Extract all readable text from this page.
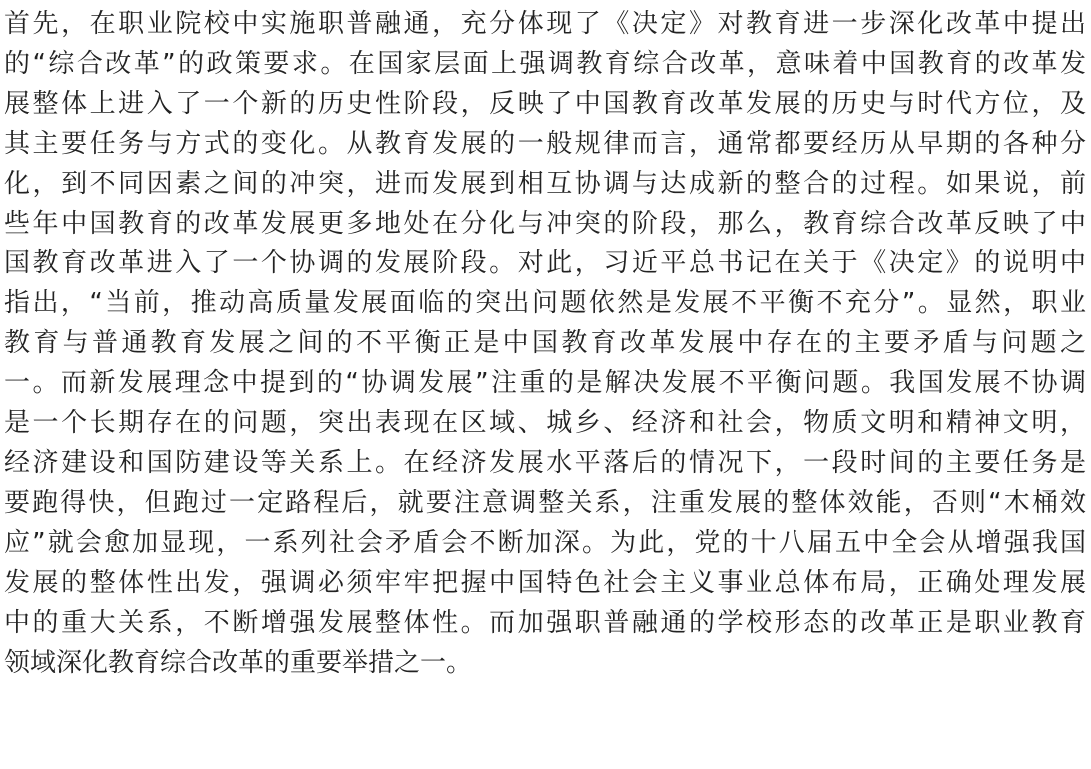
首先，在职业院校中实施职普融通，充分体现了《决定》对教育进一步深化改革中提出
的“综合改革”的政策要求。在国家层面上强调教育综合改革，意味着中国教育的改革发
展整体上进入了一个新的历史性阶段，反映了中国教育改革发展的历史与时代方位，及
其主要任务与方式的变化。从教育发展的一般规律而言，通常都要经历从早期的各种分
化，到不同因素之间的冲突，进而发展到相互协调与达成新的整合的过程。如果说，前
些年中国教育的改革发展更多地处在分化与冲突的阶段，那么，教育综合改革反映了中
国教育改革进入了一个协调的发展阶段。对此，习近平总书记在关于《决定》的说明中
指出，“当前，推动高质量发展面临的突出问题依然是发展不平衡不充分”。显然，职业
教育与普通教育发展之间的不平衡正是中国教育改革发展中存在的主要矛盾与问题之
一。而新发展理念中提到的“协调发展”注重的是解决发展不平衡问题。我国发展不协调
是一个长期存在的问题，突出表现在区域、城乡、经济和社会，物质文明和精神文明，
经济建设和国防建设等关系上。在经济发展水平落后的情况下，一段时间的主要任务是
要跑得快，但跑过一定路程后，就要注意调整关系，注重发展的整体效能，否则“木桶效
应”就会愈加显现，一系列社会矛盾会不断加深。为此，党的十八届五中全会从增强我国
发展的整体性出发，强调必须牢牢把握中国特色社会主义事业总体布局，正确处理发展
中的重大关系，不断增强发展整体性。而加强职普融通的学校形态的改革正是职业教育
领域深化教育综合改革的重要举措之一。
